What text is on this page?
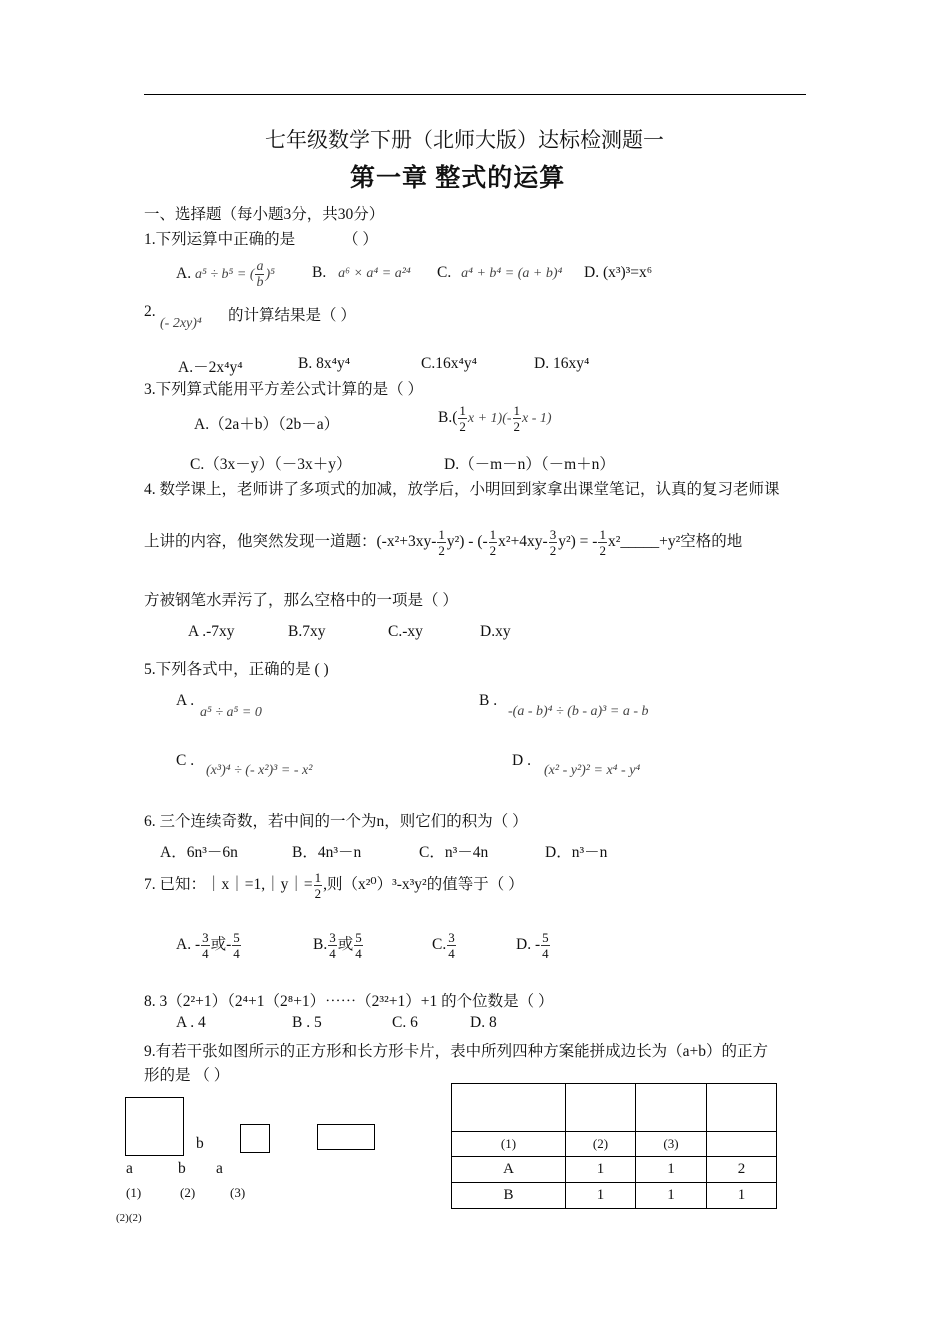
七年级数学下册（北师大版）达标检测题一
第一章 整式的运算
一、选择题（每小题3分，共30分）
1.下列运算中正确的是	（ ）
A. a⁵ ÷ b⁵ = ( $\frac{a}{b} )^5$ B. a⁶ × a⁴ = a²⁴ C. a⁴ + b⁴ = (a + b)⁴ D. (x³)³=x⁶
2.
(- 2xy)⁴ 的计算结果是（ ）
A.－2x⁴y⁴	B. 8x⁴y⁴	C.16x⁴y⁴	D. 16xy⁴
3.下列算式能用平方差公式计算的是（ ）
A.（2a＋b）（2b－a）	$B.( \frac{1}{2}$ $x + 1)(- \frac{1}{2}$ x - 1)
C.（3x－y）（－3x＋y）	D.（－m－n）（－m＋n）
4. 数学课上，老师讲了多项式的加减，放学后，小明回到家拿出课堂笔记，认真的复习老师课
上讲的内容，他突然发现一道题：$(-x^2+3xy- \frac{1}{2} y^2)$ - (- $\frac{1}{2} x^2+4xy- \frac{3}{2} y^2$) = - $\frac{1}{2}$ x²_____+y²空格的地
方被钢笔水弄污了，那么空格中的一项是（ ）
A .-7xy	B.7xy	C.-xy	D.xy
5.下列各式中，正确的是 ( )
A .
a⁵ ÷ a⁵ = 0
B .
-(a - b)⁴ ÷ (b - a)³ = a - b
C .
(x³)⁴ ÷ (- x²)³ = - x²
D .
(x² - y²)² = x⁴ - y⁴
6. 三个连续奇数，若中间的一个为n，则它们的积为（ ）
A．6n³－6n	B．4n³－n	C．n³－4n	D．n³－n
7. 已知：｜x｜=1,｜y｜= $\frac{1}{2}$ ,则（x²⁰）³-x³y²的值等于（ ）
A. - $\frac{3}{4}$ 或- $\frac{5}{4}$	B. $\frac{3}{4}$ 或 $\frac{5}{4}$	C. $\frac{3}{4}$	D. - $\frac{5}{4}$
8. 3（2²+1）（2⁴+1（2⁸+1）⋯⋯（2³²+1）+1 的个位数是（ ）
A . 4	B . 5	C. 6	D. 8
9.有若干张如图所示的正方形和长方形卡片，表中所列四种方案能拼成边长为（a+b）的正方
形的是 （ ）
b
a	b a
(1)	(2)	(3)
(2)(2)

(1)	(2)	(3)	
A	1	1	2
B	1	1	1
